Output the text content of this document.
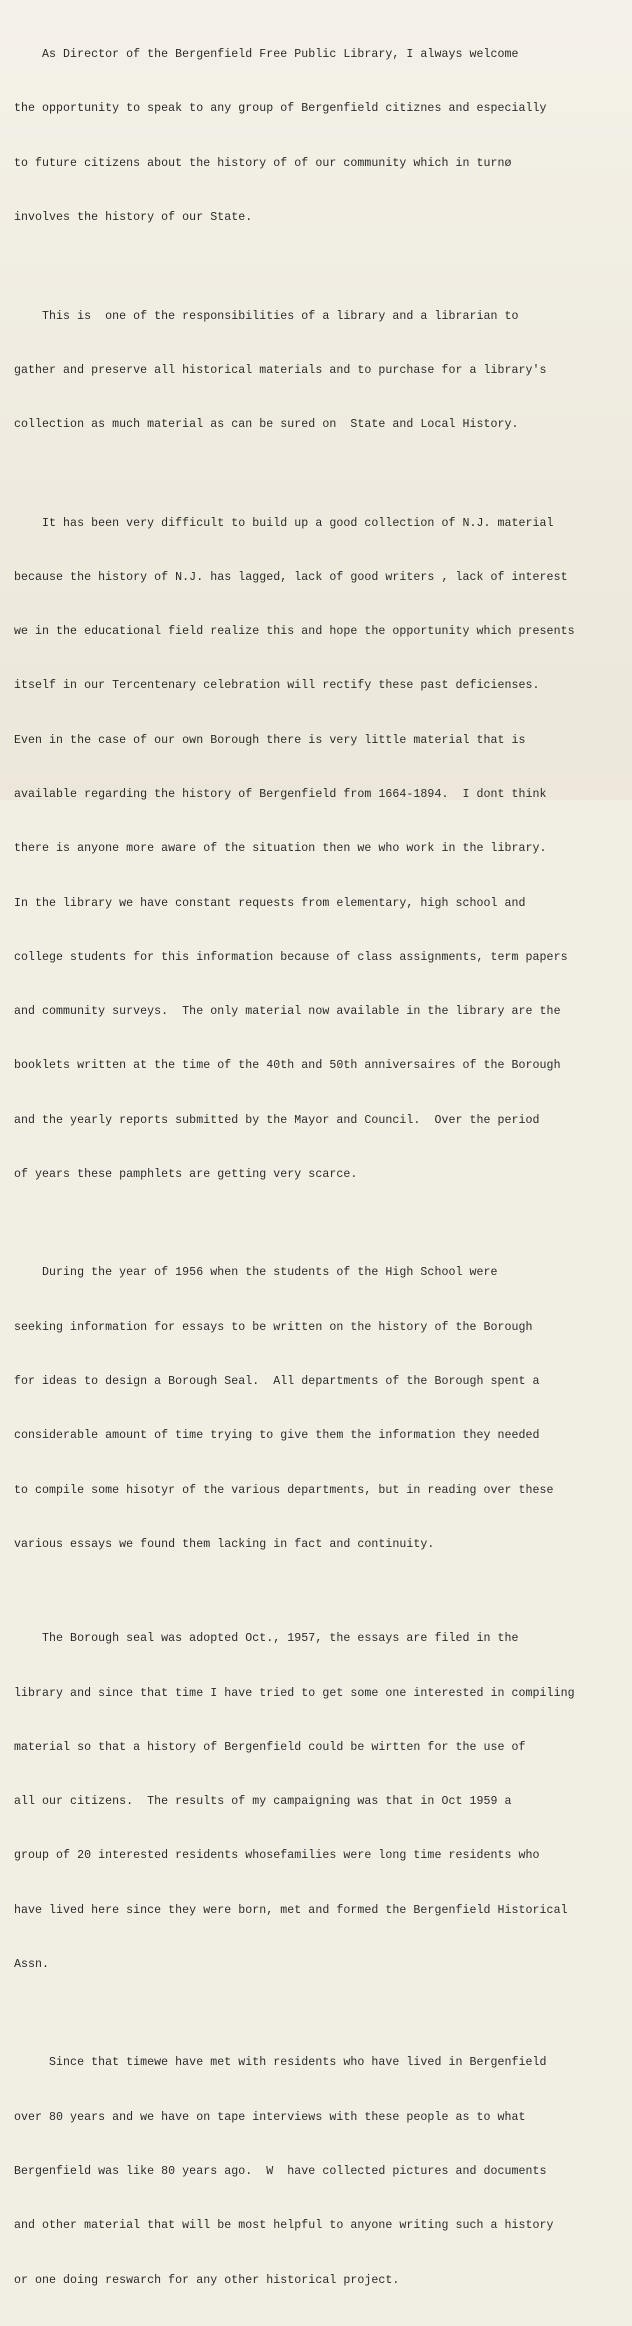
As Director of the Bergenfield Free Public Library, I always welcome

the opportunity to speak to any group of Bergenfield citiznes and especially

to future citizens about the history of of our community which in turnø

involves the history of our State.

This is  one of the responsibilities of a library and a librarian to

gather and preserve all historical materials and to purchase for a library's

collection as much material as can be sured on  State and Local History.

It has been very difficult to build up a good collection of N.J. material

because the history of N.J. has lagged, lack of good writers , lack of interest

we in the educational field realize this and hope the opportunity which presents

itself in our Tercentenary celebration will rectify these past deficienses.

Even in the case of our own Borough there is very little material that is

available regarding the history of Bergenfield from 1664-1894.  I dont think

there is anyone more aware of the situation then we who work in the library.

In the library we have constant requests from elementary, high school and

college students for this information because of class assignments, term papers

and community surveys.  The only material now available in the library are the

booklets written at the time of the 40th and 50th anniversaires of the Borough

and the yearly reports submitted by the Mayor and Council.  Over the period

of years these pamphlets are getting very scarce.

During the year of 1956 when the students of the High School were

seeking information for essays to be written on the history of the Borough

for ideas to design a Borough Seal.  All departments of the Borough spent a

considerable amount of time trying to give them the information they needed

to compile some hisotyr of the various departments, but in reading over these

various essays we found them lacking in fact and continuity.

The Borough seal was adopted Oct., 1957, the essays are filed in the

library and since that time I have tried to get some one interested in compiling

material so that a history of Bergenfield could be wirtten for the use of

all our citizens.  The results of my campaigning was that in Oct 1959 a

group of 20 interested residents whosefamilies were long time residents who

have lived here since they were born, met and formed the Bergenfield Historical

Assn.

Since that timewe have met with residents who have lived in Bergenfield

over 80 years and we have on tape interviews with these people as to what

Bergenfield was like 80 years ago.  W  have collected pictures and documents

and other material that will be most helpful to anyone writing such a history

or one doing reswarch for any other historical project.
